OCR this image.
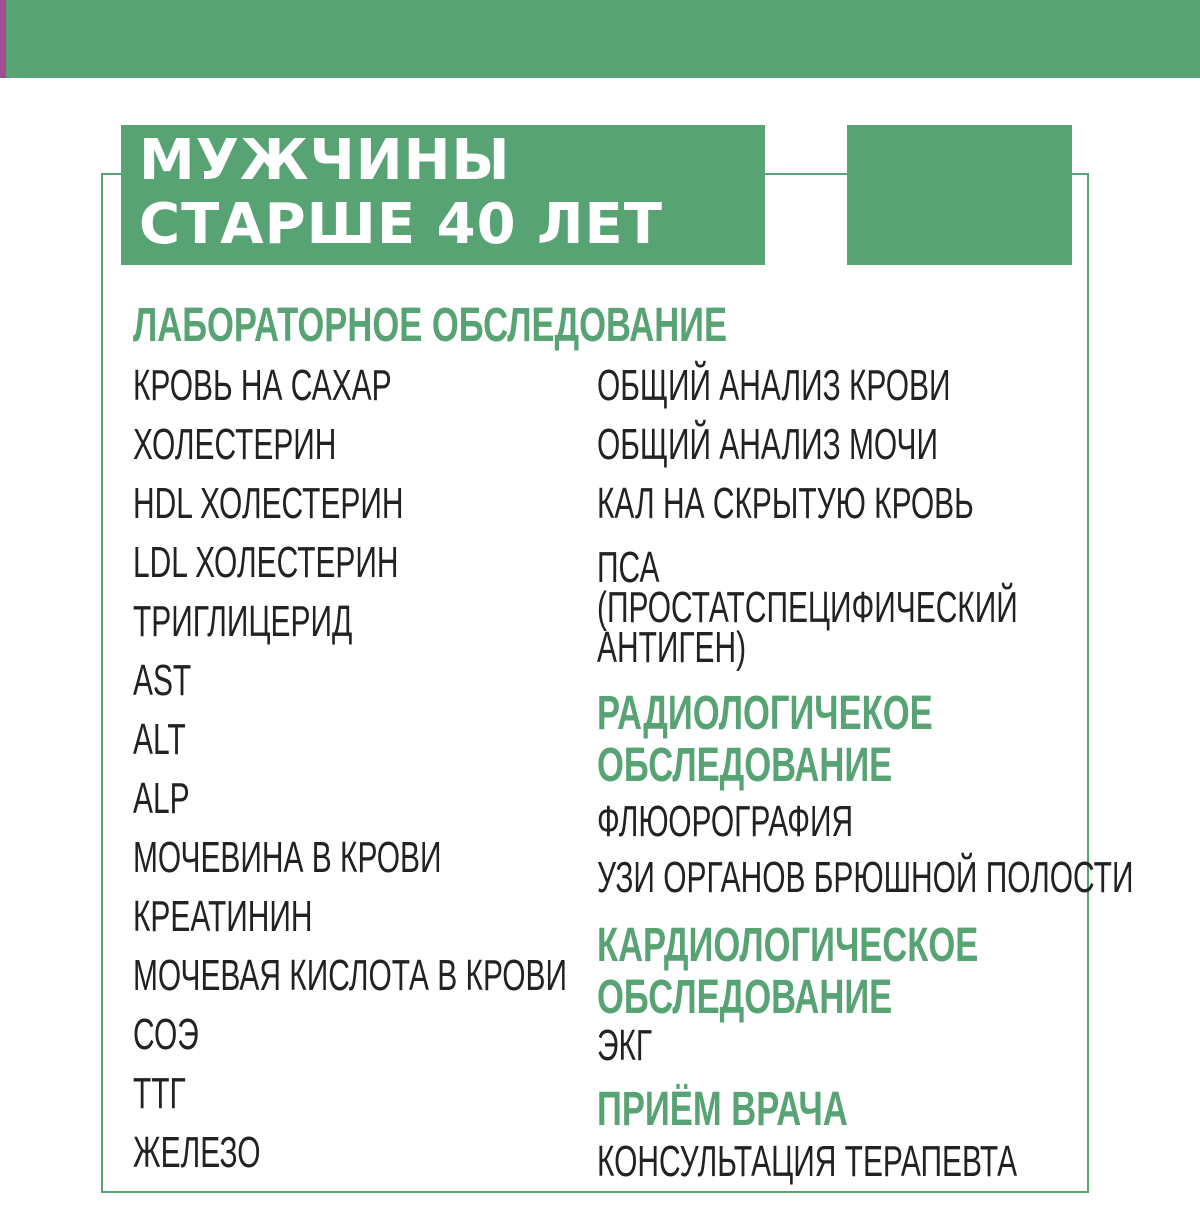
МУЖЧИНЫ
СТАРШЕ 40 ЛЕТ
ЛАБОРАТОРНОЕ ОБСЛЕДОВАНИЕ
КРОВЬ НА САХАР
ХОЛЕСТЕРИН
HDL ХОЛЕСТЕРИН
LDL ХОЛЕСТЕРИН
ТРИГЛИЦЕРИД
AST
ALT
ALP
МОЧЕВИНА В КРОВИ
КРЕАТИНИН
МОЧЕВАЯ КИСЛОТА В КРОВИ
СОЭ
ТТГ
ЖЕЛЕЗО
ОБЩИЙ АНАЛИЗ КРОВИ
ОБЩИЙ АНАЛИЗ МОЧИ
КАЛ НА СКРЫТУЮ КРОВЬ
ПСА
(ПРОСТАТСПЕЦИФИЧЕСКИЙ
АНТИГЕН)
РАДИОЛОГИЧЕКОЕ
ОБСЛЕДОВАНИЕ
ФЛЮОРОГРАФИЯ
УЗИ ОРГАНОВ БРЮШНОЙ ПОЛОСТИ
КАРДИОЛОГИЧЕСКОЕ
ОБСЛЕДОВАНИЕ
ЭКГ
ПРИЁМ ВРАЧА
КОНСУЛЬТАЦИЯ ТЕРАПЕВТА
